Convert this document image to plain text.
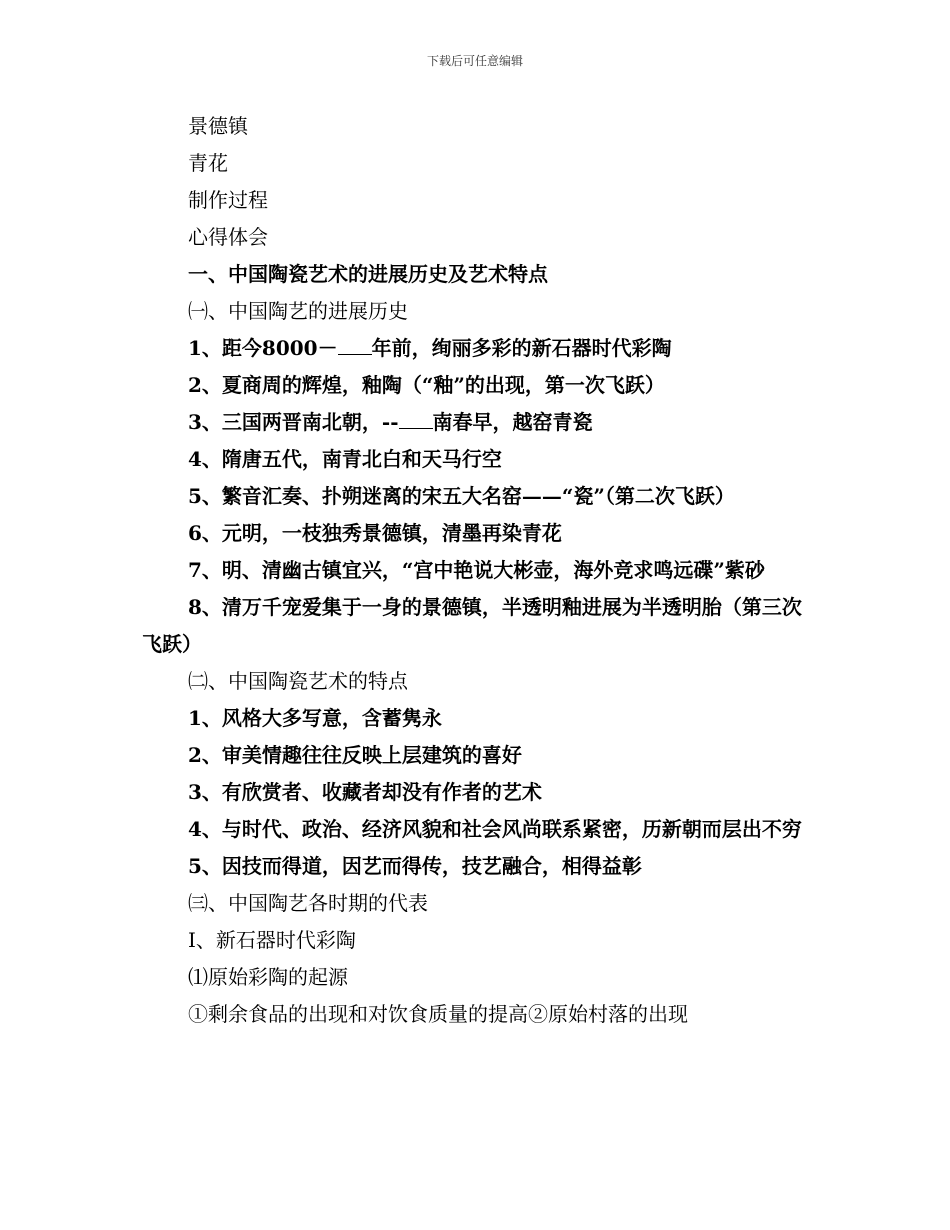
下载后可任意编辑

景德镇

青花

制作过程

心得体会

一、中国陶瓷艺术的进展历史及艺术特点

㈠、中国陶艺的进展历史

1、距今8000－ 年前，绚丽多彩的新石器时代彩陶

2、夏商周的辉煌，釉陶（“釉”的出现，第一次飞跃）

3、三国两晋南北朝，-- 南春早，越窑青瓷

4、隋唐五代，南青北白和天马行空

5、繁音汇奏、扑朔迷离的宋五大名窑——“瓷”（第二次飞跃）

6、元明，一枝独秀景德镇，清墨再染青花

7、明、清幽古镇宜兴，“宫中艳说大彬壶，海外竞求鸣远碟”紫砂

8、清万千宠爱集于一身的景德镇，半透明釉进展为半透明胎（第三次飞跃）

㈡、中国陶瓷艺术的特点

1、风格大多写意，含蓄隽永

2、审美情趣往往反映上层建筑的喜好

3、有欣赏者、收藏者却没有作者的艺术

4、与时代、政治、经济风貌和社会风尚联系紧密，历新朝而层出不穷

5、因技而得道，因艺而得传，技艺融合，相得益彰

㈢、中国陶艺各时期的代表

Ⅰ、新石器时代彩陶

⑴原始彩陶的起源

①剩余食品的出现和对饮食质量的提高②原始村落的出现
